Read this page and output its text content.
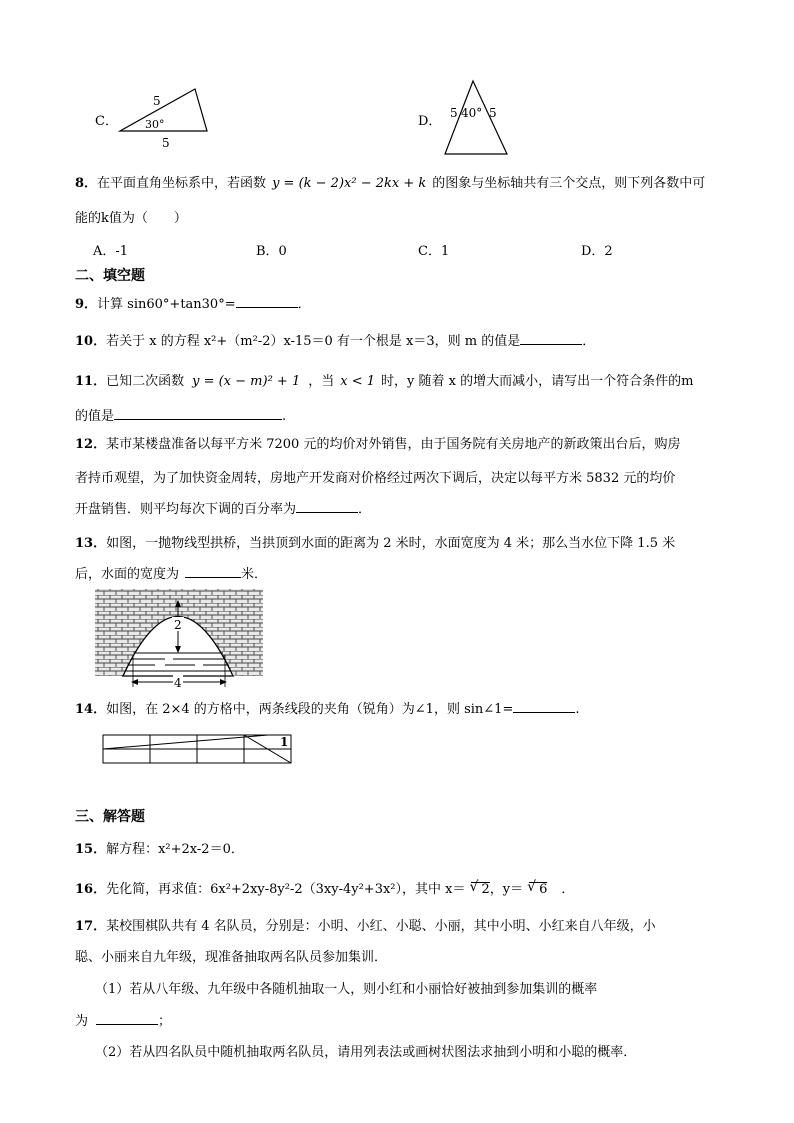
C．
5
30°
5
D．
5 40° 5
8．在平面直角坐标系中，若函数 y = (k − 2)x² − 2kx + k 的图象与坐标轴共有三个交点，则下列各数中可
能的k值为（　　）
A．-1	B．0	C．1	D．2
二、填空题
9．计算 sin60°+tan30°=	．
10．若关于 x 的方程 x²+（m²-2）x-15＝0 有一个根是 x＝3，则 m 的值是	．
11．已知二次函数 y = (x − m)² + 1 ，当 x < 1 时，y 随着 x 的增大而减小，请写出一个符合条件的m
的值是	.
12．某市某楼盘准备以每平方米 7200 元的均价对外销售，由于国务院有关房地产的新政策出台后，购房
者持币观望，为了加快资金周转，房地产开发商对价格经过两次下调后，决定以每平方米 5832 元的均价
开盘销售．则平均每次下调的百分率为	．
13．如图，一抛物线型拱桥，当拱顶到水面的距离为 2 米时，水面宽度为 4 米；那么当水位下降 1.5 米
后，水面的宽度为	米．
2
4
14．如图，在 2×4 的方格中，两条线段的夹角（锐角）为∠1，则 sin∠1=	.
1
三、解答题
15．解方程：x²+2x-2＝0．
16．先化简，再求值：6x²+2xy-8y²-2（3xy-4y²+3x²），其中 x＝ √ 2，y＝ √ 6 ．
17．某校围棋队共有 4 名队员，分别是：小明、小红、小聪、小丽，其中小明、小红来自八年级，小
聪、小丽来自九年级，现准备抽取两名队员参加集训．
（1）若从八年级、九年级中各随机抽取一人，则小红和小丽恰好被抽到参加集训的概率
为	；
（2）若从四名队员中随机抽取两名队员，请用列表法或画树状图法求抽到小明和小聪的概率．
